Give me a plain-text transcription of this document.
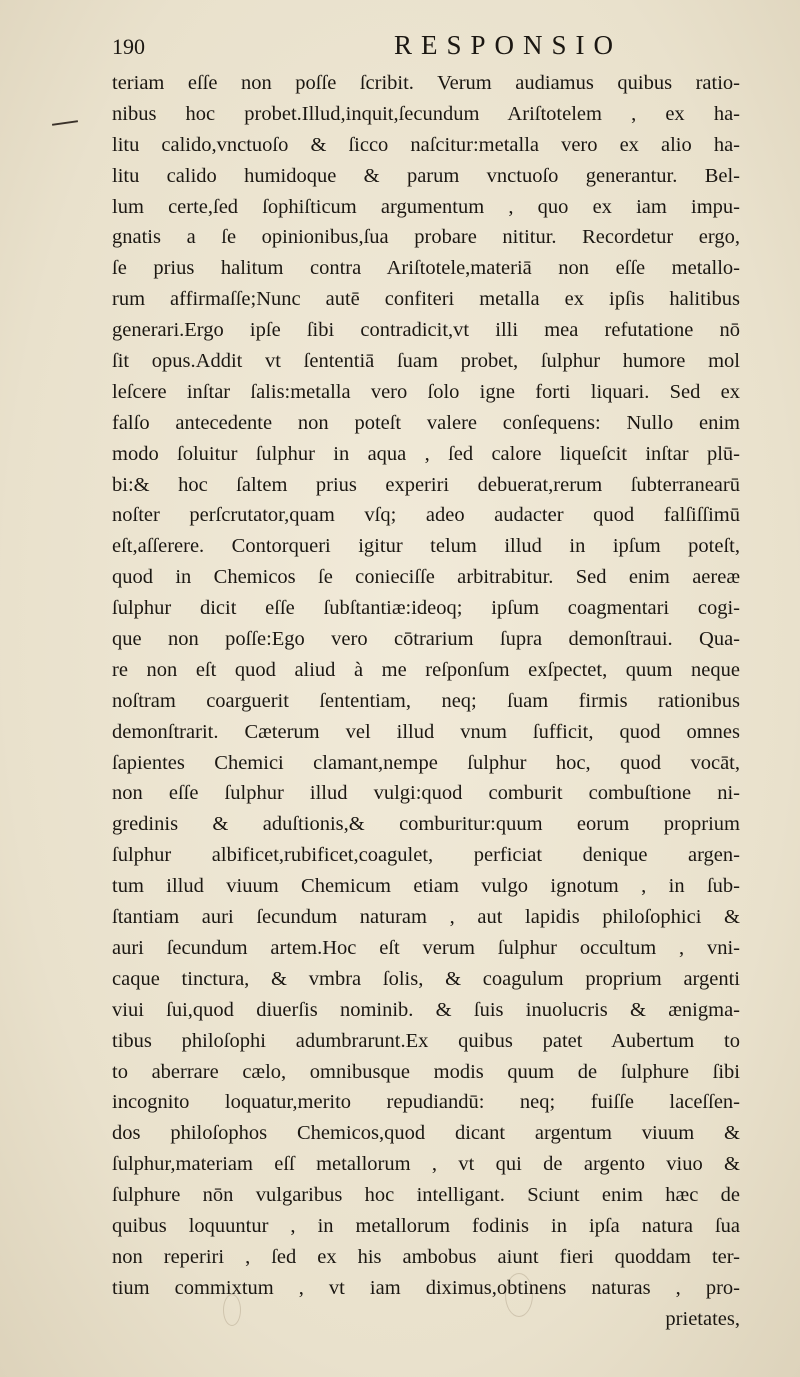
190	RESPONSIO
teriam eſſe non poſſe ſcribit. Verum audiamus quibus ratio-
nibus hoc probet.Illud,inquit,ſecundum Ariſtotelem , ex ha-
litu calido,vnctuoſo & ſicco naſcitur:metalla vero ex alio ha-
litu calido humidoque & parum vnctuoſo generantur. Bel-
lum certe,ſed ſophiſticum argumentum , quo ex iam impu-
gnatis a ſe opinionibus,ſua probare nititur. Recordetur ergo,
ſe prius halitum contra Ariſtotele,materiā non eſſe metallo-
rum affirmaſſe;Nunc autē confiteri metalla ex ipſis halitibus
generari.Ergo ipſe ſibi contradicit,vt illi mea refutatione nō
ſit opus.Addit vt ſententiā ſuam probet, ſulphur humore mol
leſcere inſtar ſalis:metalla vero ſolo igne forti liquari. Sed ex
falſo antecedente non poteſt valere conſequens: Nullo enim
modo ſoluitur ſulphur in aqua , ſed calore liqueſcit inſtar plū-
bi:& hoc ſaltem prius experiri debuerat,rerum ſubterranearū
noſter perſcrutator,quam vſq; adeo audacter quod falſiſſimū
eſt,aſſerere. Contorqueri igitur telum illud in ipſum poteſt,
quod in Chemicos ſe conieciſſe arbitrabitur. Sed enim aereæ
ſulphur dicit eſſe ſubſtantiæ:ideoq; ipſum coagmentari cogi-
que non poſſe:Ego vero cōtrarium ſupra demonſtraui. Qua-
re non eſt quod aliud à me reſponſum exſpectet, quum neque
noſtram coarguerit ſententiam, neq; ſuam firmis rationibus
demonſtrarit. Cæterum vel illud vnum ſufficit, quod omnes
ſapientes Chemici clamant,nempe ſulphur hoc, quod vocāt,
non eſſe ſulphur illud vulgi:quod comburit combuſtione ni-
gredinis & aduſtionis,& comburitur:quum eorum proprium
ſulphur albificet,rubificet,coagulet, perficiat denique argen-
tum illud viuum Chemicum etiam vulgo ignotum , in ſub-
ſtantiam auri ſecundum naturam , aut lapidis philoſophici &
auri ſecundum artem.Hoc eſt verum ſulphur occultum , vni-
caque tinctura, & vmbra ſolis, & coagulum proprium argenti
viui ſui,quod diuerſis nominib. & ſuis inuolucris & ænigma-
tibus philoſophi adumbrarunt.Ex quibus patet Aubertum to
to aberrare cælo, omnibusque modis quum de ſulphure ſibi
incognito loquatur,merito repudiandū: neq; fuiſſe laceſſen-
dos philoſophos Chemicos,quod dicant argentum viuum &
ſulphur,materiam eſſ metallorum , vt qui de argento viuo &
ſulphure nōn vulgaribus hoc intelligant. Sciunt enim hæc de
quibus loquuntur , in metallorum fodinis in ipſa natura ſua
non reperiri , ſed ex his ambobus aiunt fieri quoddam ter-
tium commixtum , vt iam diximus,obtinens naturas , pro-
prietates,
